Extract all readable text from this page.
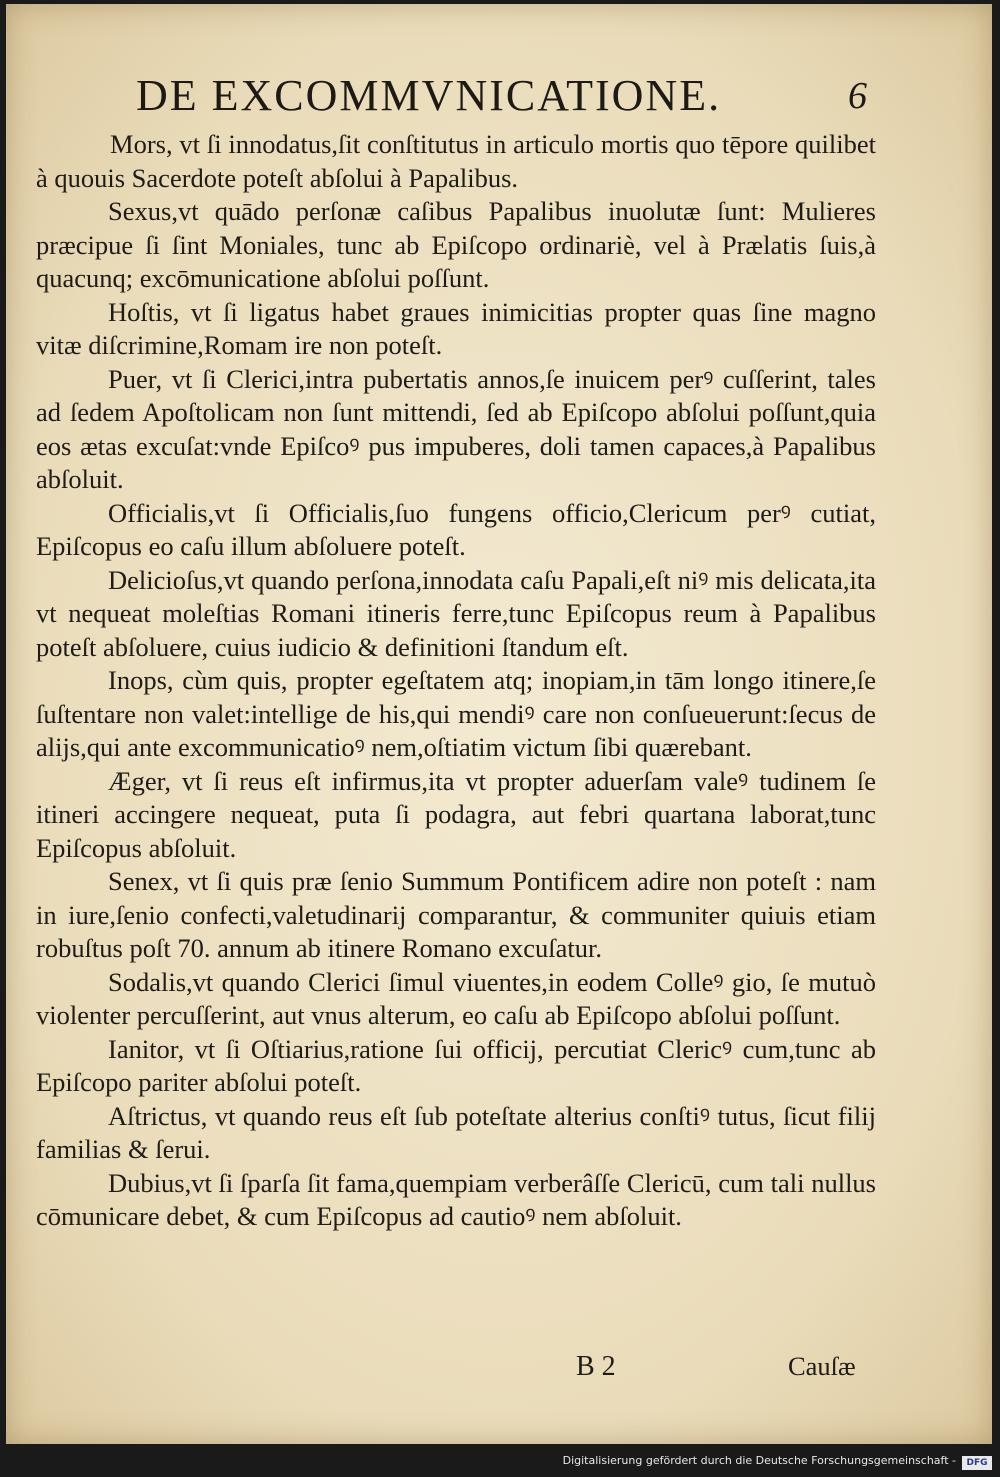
DE EXCOMMVNICATIONE.	6

Mors, vt ſi innodatus,ſit conſtitutus in articulo mortis quo tēpore quilibet à quouis Sacerdote poteſt abſolui à Papalibus.

Sexus,vt quādo perſonæ caſibus Papalibus inuolutæ ſunt: Mulieres præcipue ſi ſint Moniales, tunc ab Epiſcopo ordinariè, vel à Prælatis ſuis,à quacunq; excōmunicatione abſolui poſſunt.

Hoſtis, vt ſi ligatus habet graues inimicitias propter quas ſine magno vitæ diſcrimine,Romam ire non poteſt.

Puer, vt ſi Clerici,intra pubertatis annos,ſe inuicem perꝰ cuſſerint, tales ad ſedem Apoſtolicam non ſunt mittendi, ſed ab Epiſcopo abſolui poſſunt,quia eos ætas excuſat:vnde Epiſcoꝰ pus impuberes, doli tamen capaces,à Papalibus abſoluit.

Officialis,vt ſi Officialis,ſuo fungens officio,Clericum perꝰ cutiat, Epiſcopus eo caſu illum abſoluere poteſt.

Delicioſus,vt quando perſona,innodata caſu Papali,eſt niꝰ mis delicata,ita vt nequeat moleſtias Romani itineris ferre,tunc Epiſcopus reum à Papalibus poteſt abſoluere, cuius iudicio & definitioni ſtandum eſt.

Inops, cùm quis, propter egeſtatem atq; inopiam,in tām longo itinere,ſe ſuſtentare non valet:intellige de his,qui mendiꝰ care non conſueuerunt:ſecus de alijs,qui ante excommunicatioꝰ nem,oſtiatim victum ſibi quærebant.

Æger, vt ſi reus eſt infirmus,ita vt propter aduerſam valeꝰ tudinem ſe itineri accingere nequeat, puta ſi podagra, aut febri quartana laborat,tunc Epiſcopus abſoluit.

Senex, vt ſi quis præ ſenio Summum Pontificem adire non poteſt : nam in iure,ſenio confecti,valetudinarij comparantur, & communiter quiuis etiam robuſtus poſt 70. annum ab itinere Romano excuſatur.

Sodalis,vt quando Clerici ſimul viuentes,in eodem Colleꝰ gio, ſe mutuò violenter percuſſerint, aut vnus alterum, eo caſu ab Epiſcopo abſolui poſſunt.

Ianitor, vt ſi Oſtiarius,ratione ſui officij, percutiat Clericꝰ cum,tunc ab Epiſcopo pariter abſolui poteſt.

Aſtrictus, vt quando reus eſt ſub poteſtate alterius conſtiꝰ tutus, ſicut filij familias & ſerui.

Dubius,vt ſi ſparſa ſit fama,quempiam verberâſſe Clericū, cum tali nullus cōmunicare debet, & cum Epiſcopus ad cautioꝰ nem abſoluit.

B 2	Cauſæ
Digitalisierung gefördert durch die Deutsche Forschungsgemeinschaft -	DFG
